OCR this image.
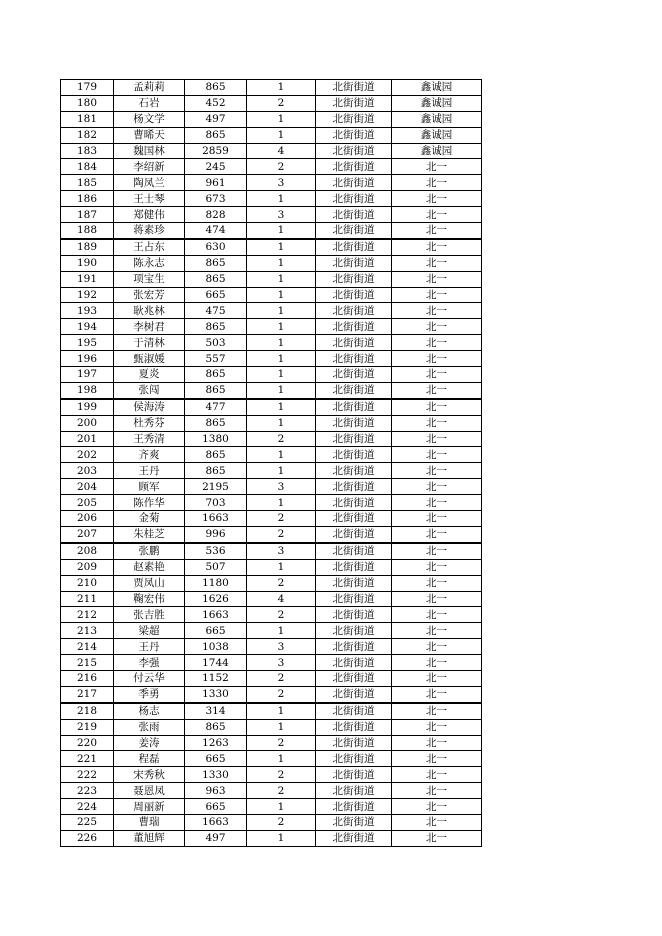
179	孟莉莉	865	1	北街街道	鑫诚园
180	石岩	452	2	北街街道	鑫诚园
181	杨文学	497	1	北街街道	鑫诚园
182	曹晞天	865	1	北街街道	鑫诚园
183	魏国林	2859	4	北街街道	鑫诚园
184	李绍新	245	2	北街街道	北一
185	陶凤兰	961	3	北街街道	北一
186	王士琴	673	1	北街街道	北一
187	郑健伟	828	3	北街街道	北一
188	蒋素珍	474	1	北街街道	北一
189	王占东	630	1	北街街道	北一
190	陈永志	865	1	北街街道	北一
191	项宝生	865	1	北街街道	北一
192	张宏芳	665	1	北街街道	北一
193	耿兆林	475	1	北街街道	北一
194	李树君	865	1	北街街道	北一
195	于清林	503	1	北街街道	北一
196	甄淑媛	557	1	北街街道	北一
197	夏炎	865	1	北街街道	北一
198	张闯	865	1	北街街道	北一
199	侯海涛	477	1	北街街道	北一
200	杜秀芬	865	1	北街街道	北一
201	王秀清	1380	2	北街街道	北一
202	齐爽	865	1	北街街道	北一
203	王丹	865	1	北街街道	北一
204	顾军	2195	3	北街街道	北一
205	陈作华	703	1	北街街道	北一
206	金菊	1663	2	北街街道	北一
207	朱桂芝	996	2	北街街道	北一
208	张鹏	536	3	北街街道	北一
209	赵素艳	507	1	北街街道	北一
210	贾凤山	1180	2	北街街道	北一
211	鞠宏伟	1626	4	北街街道	北一
212	张吉胜	1663	2	北街街道	北一
213	梁超	665	1	北街街道	北一
214	王丹	1038	3	北街街道	北一
215	李强	1744	3	北街街道	北一
216	付云华	1152	2	北街街道	北一
217	季勇	1330	2	北街街道	北一
218	杨志	314	1	北街街道	北一
219	张雨	865	1	北街街道	北一
220	姜涛	1263	2	北街街道	北一
221	程磊	665	1	北街街道	北一
222	宋秀秋	1330	2	北街街道	北一
223	聂恩凤	963	2	北街街道	北一
224	周丽新	665	1	北街街道	北一
225	曹瑞	1663	2	北街街道	北一
226	董旭辉	497	1	北街街道	北一
